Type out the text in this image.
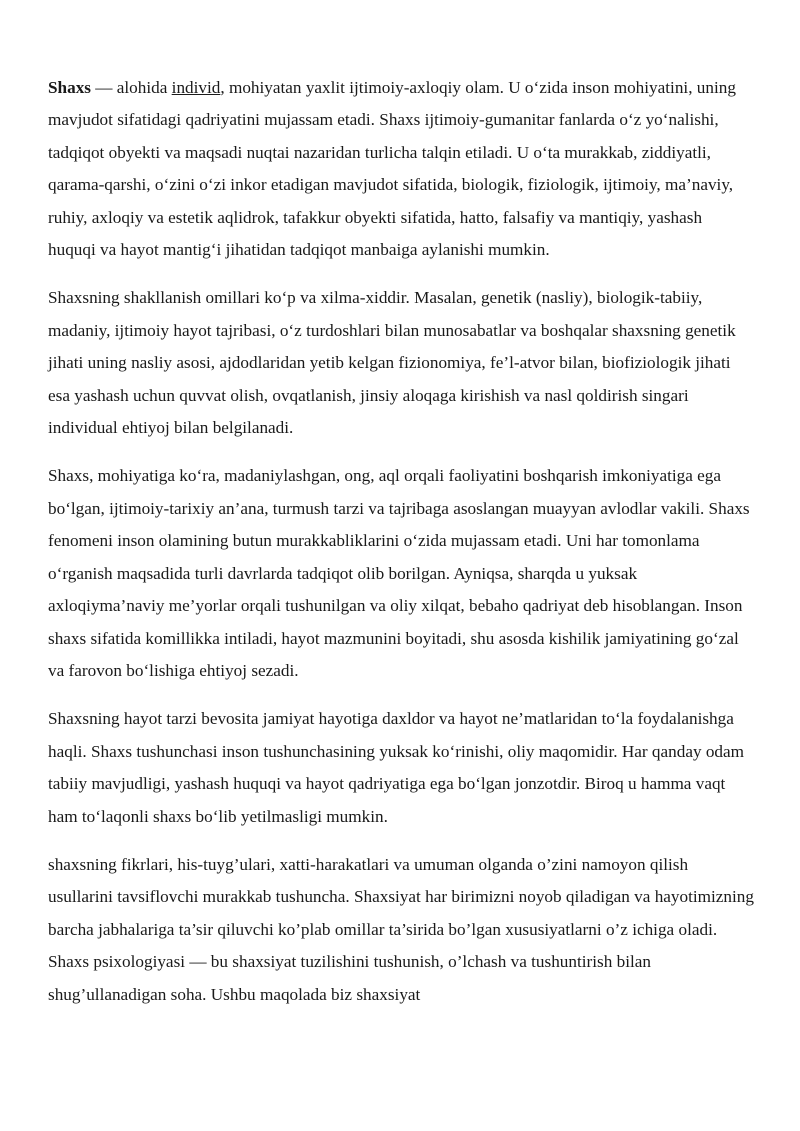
Shaxs — alohida individ, mohiyatan yaxlit ijtimoiy-axloqiy olam. U o‘zida inson mohiyatini, uning mavjudot sifatidagi qadriyatini mujassam etadi. Shaxs ijtimoiy-gumanitar fanlarda o‘z yo‘nalishi, tadqiqot obyekti va maqsadi nuqtai nazaridan turlicha talqin etiladi. U o‘ta murakkab, ziddiyatli, qarama-qarshi, o‘zini o‘zi inkor etadigan mavjudot sifatida, biologik, fiziologik, ijtimoiy, ma’naviy, ruhiy, axloqiy va estetik aqlidrok, tafakkur obyekti sifatida, hatto, falsafiy va mantiqiy, yashash huquqi va hayot mantig‘i jihatidan tadqiqot manbaiga aylanishi mumkin.

Shaxsning shakllanish omillari ko‘p va xilma-xiddir. Masalan, genetik (nasliy), biologik-tabiiy, madaniy, ijtimoiy hayot tajribasi, o‘z turdoshlari bilan munosabatlar va boshqalar shaxsning genetik jihati uning nasliy asosi, ajdodlaridan yetib kelgan fizionomiya, fe’l-atvor bilan, biofiziologik jihati esa yashash uchun quvvat olish, ovqatlanish, jinsiy aloqaga kirishish va nasl qoldirish singari individual ehtiyoj bilan belgilanadi.

Shaxs, mohiyatiga ko‘ra, madaniylashgan, ong, aql orqali faoliyatini boshqarish imkoniyatiga ega bo‘lgan, ijtimoiy-tarixiy an’ana, turmush tarzi va tajribaga asoslangan muayyan avlodlar vakili. Shaxs fenomeni inson olamining butun murakkabliklarini o‘zida mujassam etadi. Uni har tomonlama o‘rganish maqsadida turli davrlarda tadqiqot olib borilgan. Ayniqsa, sharqda u yuksak axloqiyma’naviy me’yorlar orqali tushunilgan va oliy xilqat, bebaho qadriyat deb hisoblangan. Inson shaxs sifatida komillikka intiladi, hayot mazmunini boyitadi, shu asosda kishilik jamiyatining go‘zal va farovon bo‘lishiga ehtiyoj sezadi.

Shaxsning hayot tarzi bevosita jamiyat hayotiga daxldor va hayot ne’matlaridan to‘la foydalanishga haqli. Shaxs tushunchasi inson tushunchasining yuksak ko‘rinishi, oliy maqomidir. Har qanday odam tabiiy mavjudligi, yashash huquqi va hayot qadriyatiga ega bo‘lgan jonzotdir. Biroq u hamma vaqt ham to‘laqonli shaxs bo‘lib yetilmasligi mumkin.

shaxsning fikrlari, his-tuyg’ulari, xatti-harakatlari va umuman olganda o’zini namoyon qilish usullarini tavsiflovchi murakkab tushuncha. Shaxsiyat har birimizni noyob qiladigan va hayotimizning barcha jabhalariga ta’sir qiluvchi ko’plab omillar ta’sirida bo’lgan xususiyatlarni o’z ichiga oladi. Shaxs psixologiyasi — bu shaxsiyat tuzilishini tushunish, o’lchash va tushuntirish bilan shug’ullanadigan soha. Ushbu maqolada biz shaxsiyat
